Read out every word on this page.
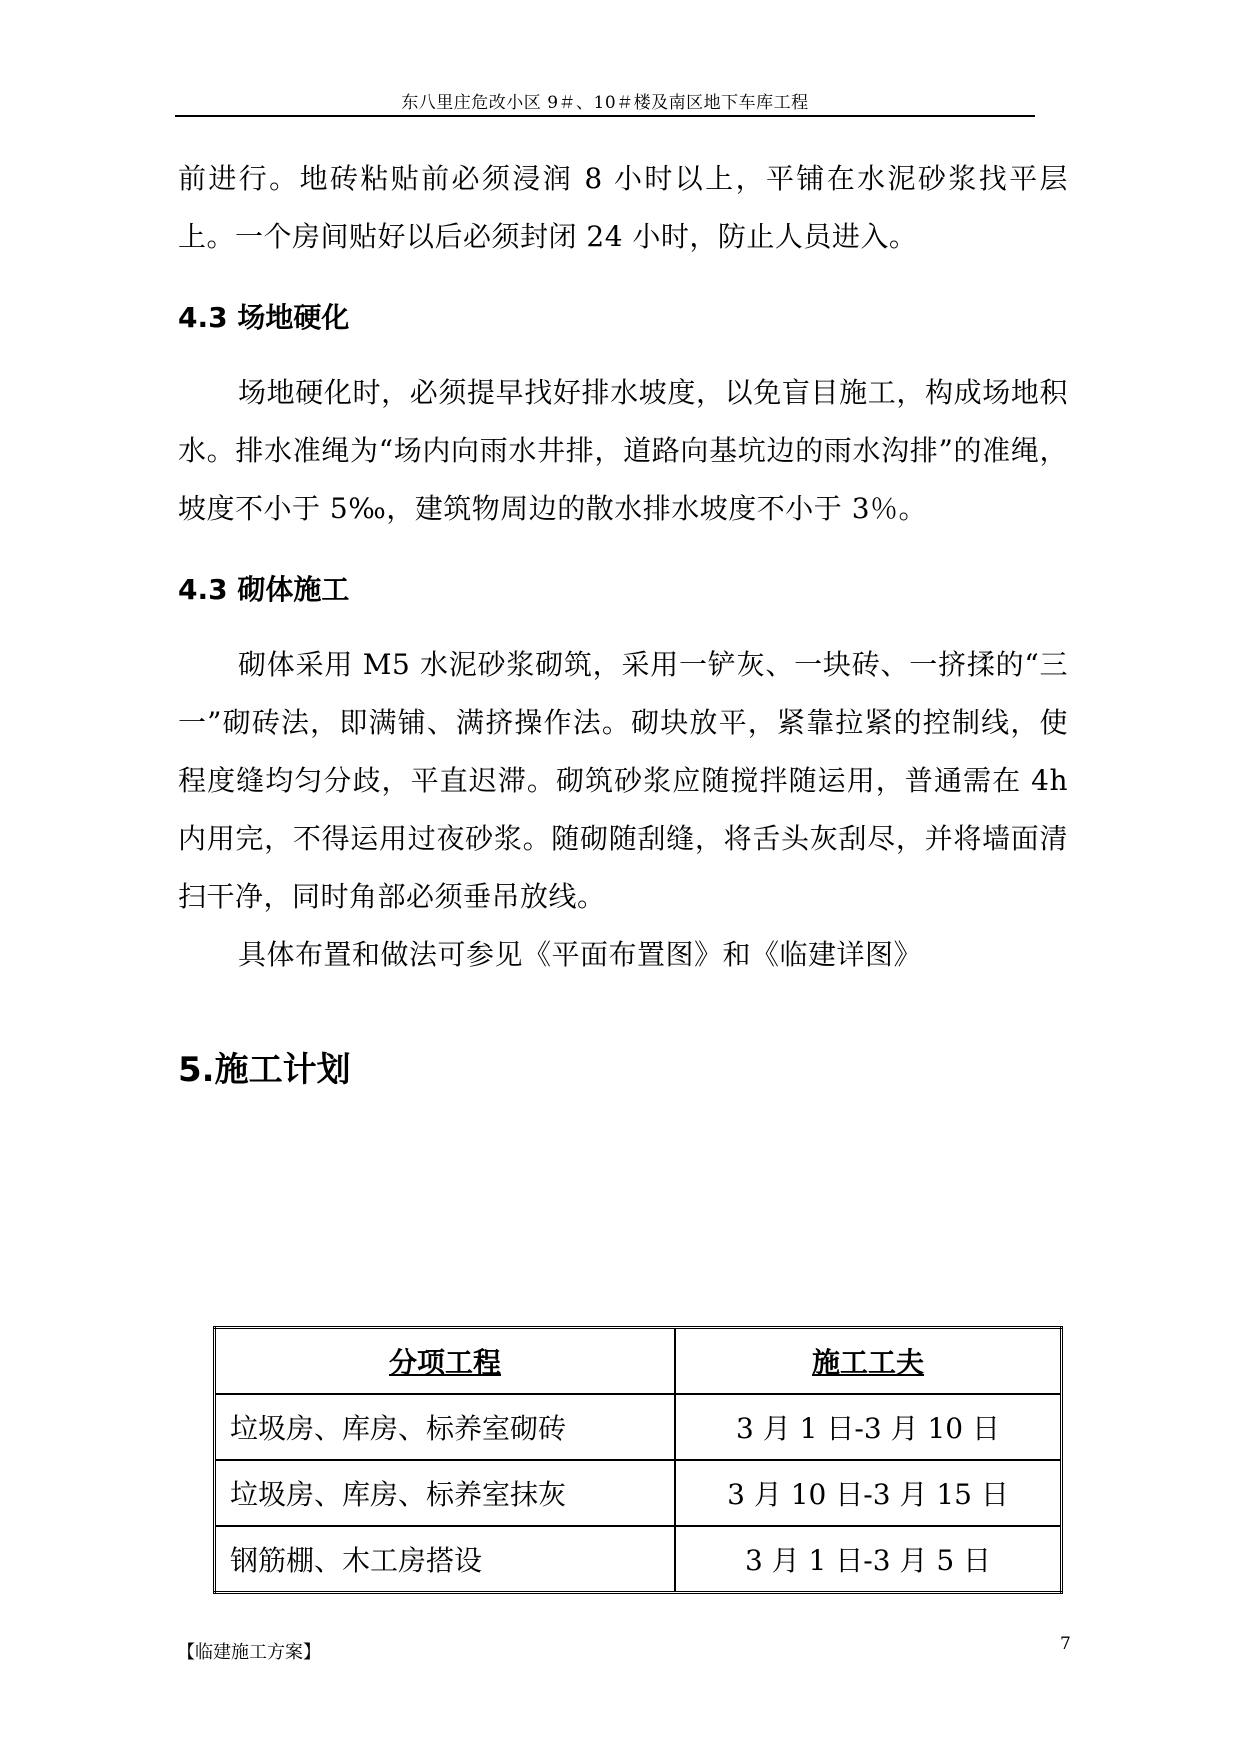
东八里庄危改小区 9＃、10＃楼及南区地下车库工程

前进行。地砖粘贴前必须浸润 8 小时以上，平铺在水泥砂浆找平层上。一个房间贴好以后必须封闭 24 小时，防止人员进入。

4.3 场地硬化

场地硬化时，必须提早找好排水坡度，以免盲目施工，构成场地积水。排水准绳为“场内向雨水井排，道路向基坑边的雨水沟排”的准绳，坡度不小于 5‰，建筑物周边的散水排水坡度不小于 3％。

4.3 砌体施工

砌体采用 M5 水泥砂浆砌筑，采用一铲灰、一块砖、一挤揉的“三一”砌砖法，即满铺、满挤操作法。砌块放平，紧靠拉紧的控制线，使程度缝均匀分歧，平直迟滞。砌筑砂浆应随搅拌随运用，普通需在 4h 内用完，不得运用过夜砂浆。随砌随刮缝，将舌头灰刮尽，并将墙面清扫干净，同时角部必须垂吊放线。

具体布置和做法可参见《平面布置图》和《临建详图》

5.施工计划

分项工程	施工工夫
垃圾房、库房、标养室砌砖	3 月 1 日-3 月 10 日
垃圾房、库房、标养室抹灰	3 月 10 日-3 月 15 日
钢筋棚、木工房搭设	3 月 1 日-3 月 5 日
【临建施工方案】	7
